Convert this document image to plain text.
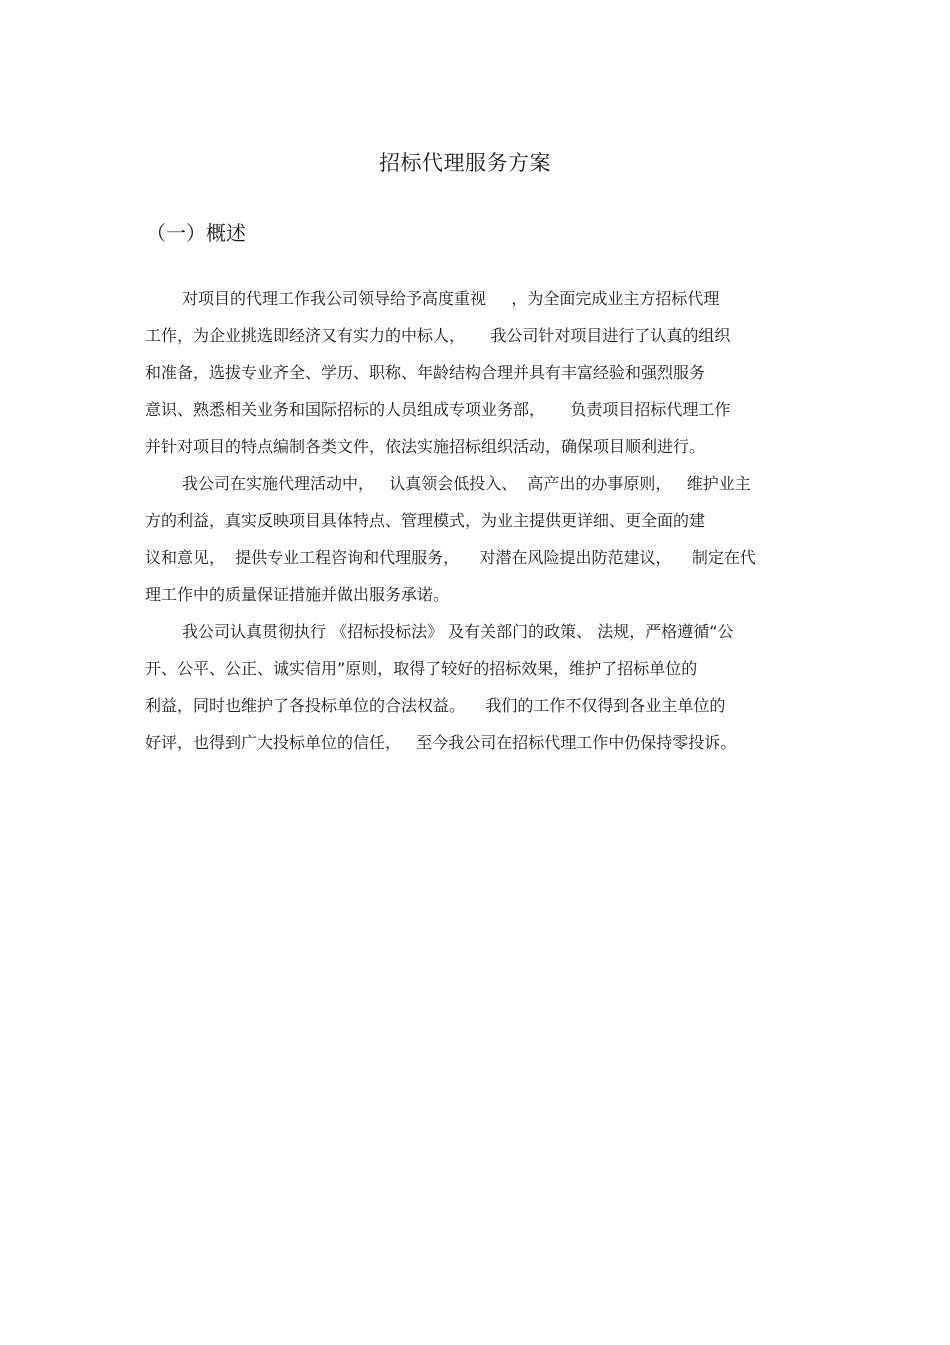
招标代理服务方案
（一）概述
对项目的代理工作我公司领导给予高度重视     ，为全面完成业主方招标代理
工作，为企业挑选即经济又有实力的中标人，     我公司针对项目进行了认真的组织
和准备，选拔专业齐全、学历、职称、年龄结构合理并具有丰富经验和强烈服务
意识、熟悉相关业务和国际招标的人员组成专项业务部，     负责项目招标代理工作
并针对项目的特点编制各类文件，依法实施招标组织活动，确保项目顺利进行。
我公司在实施代理活动中，   认真领会低投入、  高产出的办事原则，   维护业主
方的利益，真实反映项目具体特点、管理模式，为业主提供更详细、更全面的建
议和意见，  提供专业工程咨询和代理服务，    对潜在风险提出防范建议，    制定在代
理工作中的质量保证措施并做出服务承诺。
我公司认真贯彻执行 《招标投标法》 及有关部门的政策、 法规，严格遵循“公
开、公平、公正、诚实信用”原则，取得了较好的招标效果，维护了招标单位的
利益，同时也维护了各投标单位的合法权益。    我们的工作不仅得到各业主单位的
好评，也得到广大投标单位的信任，   至今我公司在招标代理工作中仍保持零投诉。
